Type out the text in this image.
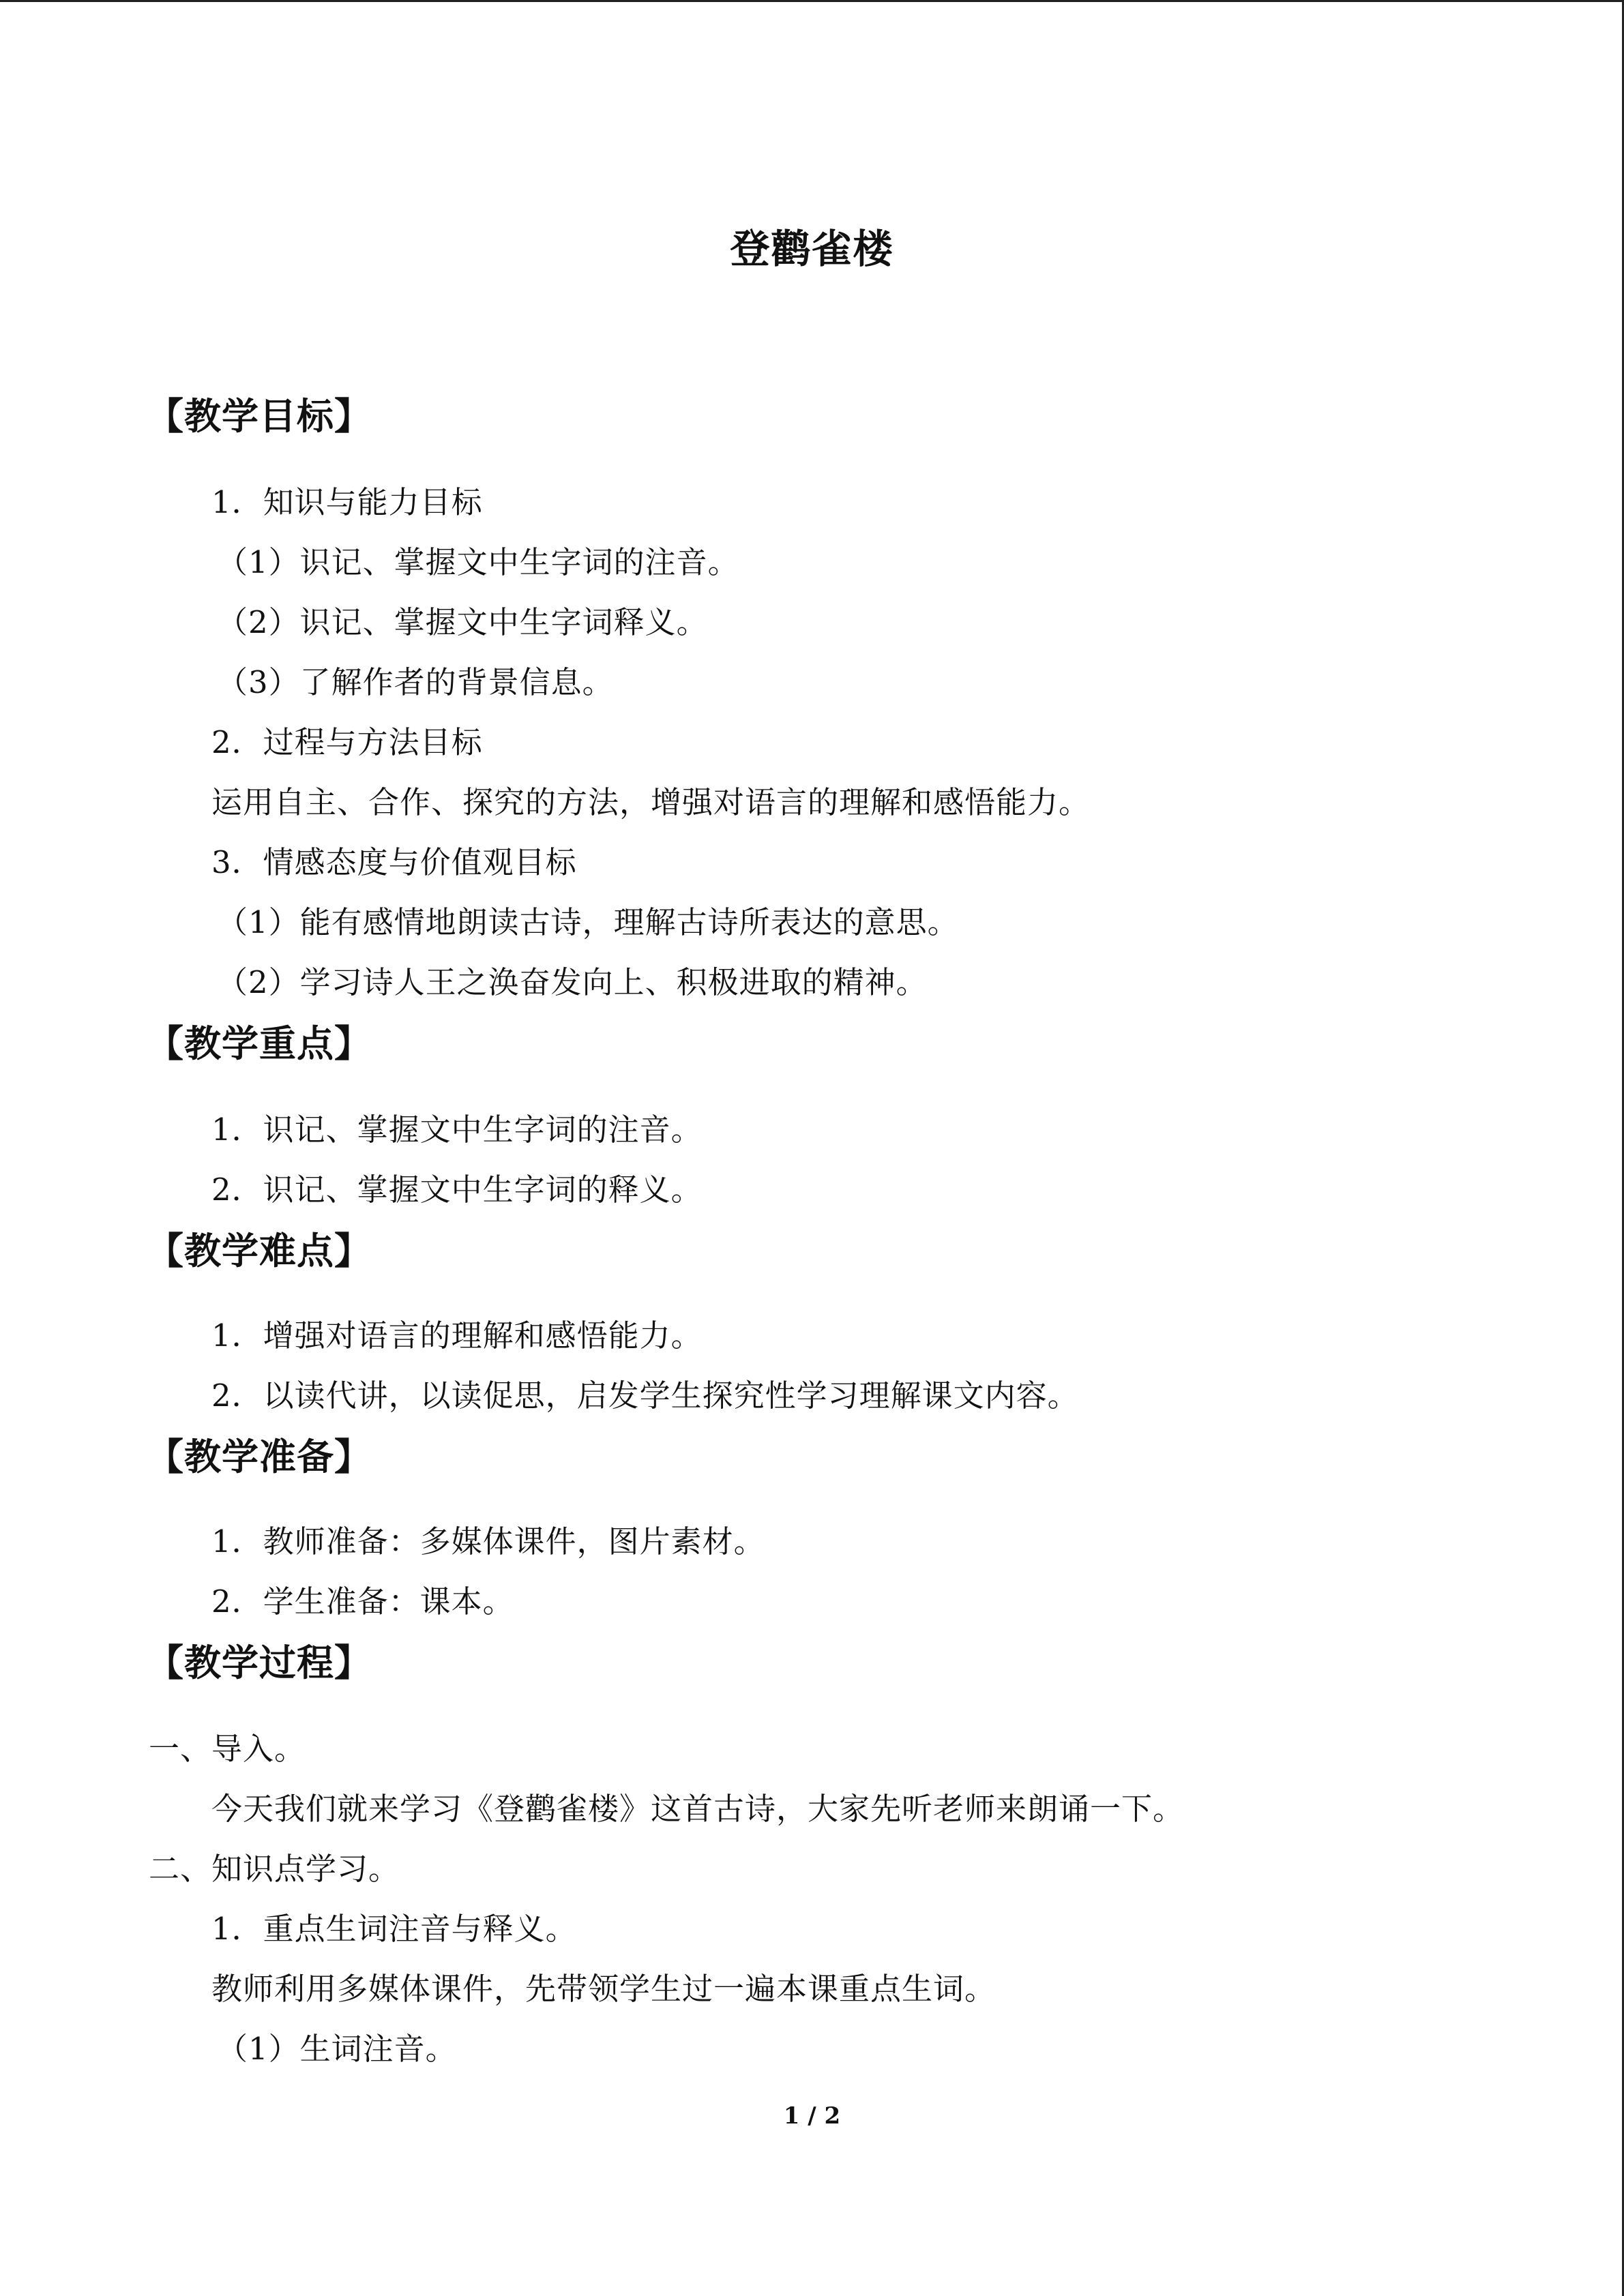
登鹳雀楼
【教学目标】
1．知识与能力目标
（1）识记、掌握文中生字词的注音。
（2）识记、掌握文中生字词释义。
（3）了解作者的背景信息。
2．过程与方法目标
运用自主、合作、探究的方法，增强对语言的理解和感悟能力。
3．情感态度与价值观目标
（1）能有感情地朗读古诗，理解古诗所表达的意思。
（2）学习诗人王之涣奋发向上、积极进取的精神。
【教学重点】
1．识记、掌握文中生字词的注音。
2．识记、掌握文中生字词的释义。
【教学难点】
1．增强对语言的理解和感悟能力。
2．以读代讲，以读促思，启发学生探究性学习理解课文内容。
【教学准备】
1．教师准备：多媒体课件，图片素材。
2．学生准备：课本。
【教学过程】
一、导入。
今天我们就来学习《登鹳雀楼》这首古诗，大家先听老师来朗诵一下。
二、知识点学习。
1．重点生词注音与释义。
教师利用多媒体课件，先带领学生过一遍本课重点生词。
（1）生词注音。
1 / 2
